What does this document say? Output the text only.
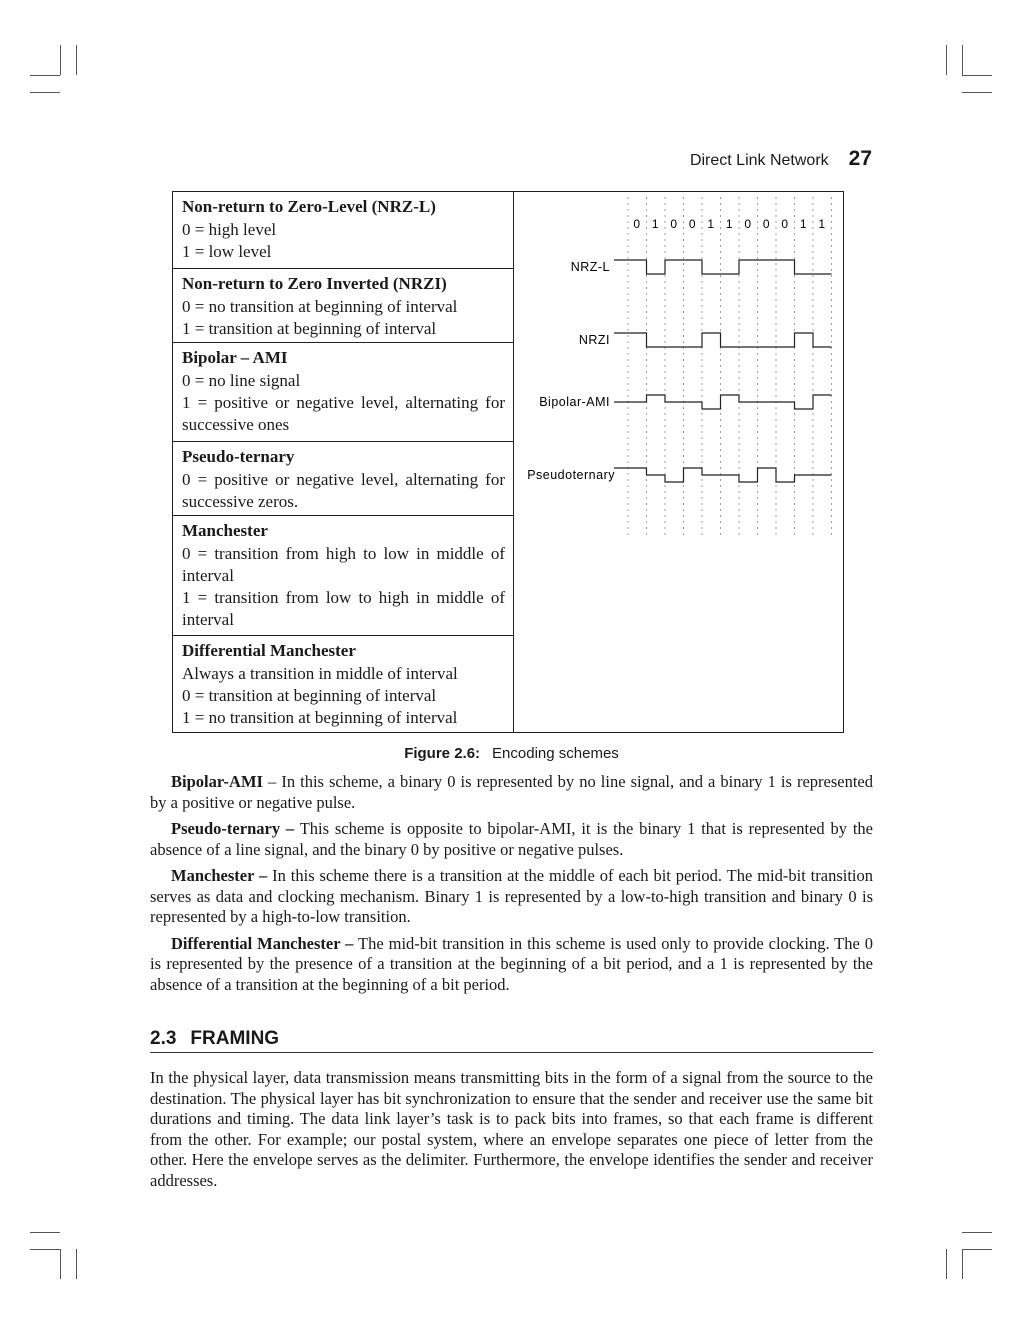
Direct Link Network 27
Non-return to Zero-Level (NRZ-L)
0 = high level
1 = low level
Non-return to Zero Inverted (NRZI)
0 = no transition at beginning of interval
1 = transition at beginning of interval
Bipolar – AMI
0 = no line signal
1 = positive or negative level, alternating for successive ones
Pseudo-ternary
0 = positive or negative level, alternating for successive zeros.
Manchester
0 = transition from high to low in middle of interval
1 = transition from low to high in middle of interval
Differential Manchester
Always a transition in middle of interval
0 = transition at beginning of interval
1 = no transition at beginning of interval
0 1 0 0 1 1 0 0 0 1 1
NRZ-L
NRZI
Bipolar-AMI
Pseudoternary
Figure 2.6: Encoding schemes

Bipolar-AMI – In this scheme, a binary 0 is represented by no line signal, and a binary 1 is represented by a positive or negative pulse.

Pseudo-ternary – This scheme is opposite to bipolar-AMI, it is the binary 1 that is represented by the absence of a line signal, and the binary 0 by positive or negative pulses.

Manchester – In this scheme there is a transition at the middle of each bit period. The mid-bit transition serves as data and clocking mechanism. Binary 1 is represented by a low-to-high transition and binary 0 is represented by a high-to-low transition.

Differential Manchester – The mid-bit transition in this scheme is used only to provide clocking. The 0 is represented by the presence of a transition at the beginning of a bit period, and a 1 is represented by the absence of a transition at the beginning of a bit period.

2.3 FRAMING

In the physical layer, data transmission means transmitting bits in the form of a signal from the source to the destination. The physical layer has bit synchronization to ensure that the sender and receiver use the same bit durations and timing. The data link layer’s task is to pack bits into frames, so that each frame is different from the other. For example; our postal system, where an envelope separates one piece of letter from the other. Here the envelope serves as the delimiter. Furthermore, the envelope identifies the sender and receiver addresses.
